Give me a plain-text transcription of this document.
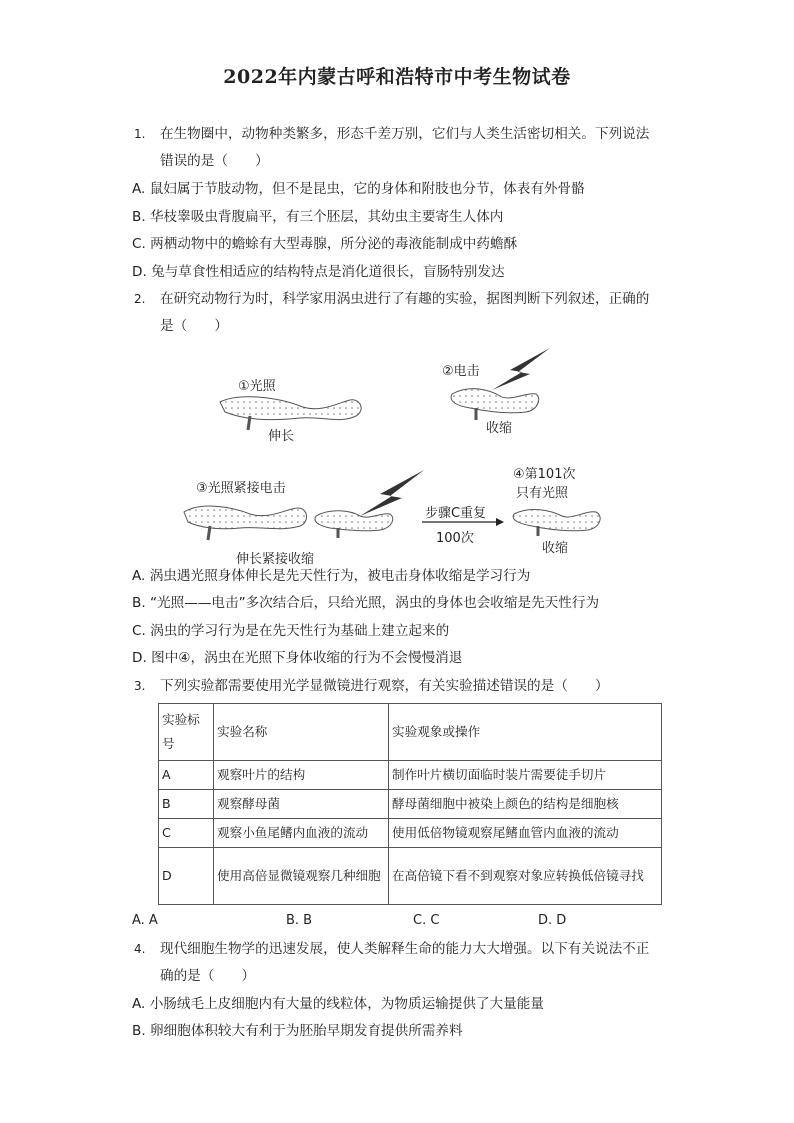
2022年内蒙古呼和浩特市中考生物试卷
1. 在生物圈中，动物种类繁多，形态千差万别，它们与人类生活密切相关。下列说法
错误的是（　　）
A. 鼠妇属于节肢动物，但不是昆虫，它的身体和附肢也分节，体表有外骨骼
B. 华枝睾吸虫背腹扁平，有三个胚层，其幼虫主要寄生人体内
C. 两栖动物中的蟾蜍有大型毒腺，所分泌的毒液能制成中药蟾酥
D. 兔与草食性相适应的结构特点是消化道很长，盲肠特别发达
2. 在研究动物行为时，科学家用涡虫进行了有趣的实验，据图判断下列叙述，正确的
是（　　）
①光照
伸长
②电击
收缩
③光照紧接电击
伸长紧接收缩
步骤C重复
100次
④第101次
只有光照
收缩
A. 涡虫遇光照身体伸长是先天性行为，被电击身体收缩是学习行为
B. “光照——电击”多次结合后，只给光照，涡虫的身体也会收缩是先天性行为
C. 涡虫的学习行为是在先天性行为基础上建立起来的
D. 图中④，涡虫在光照下身体收缩的行为不会慢慢消退
3. 下列实验都需要使用光学显微镜进行观察，有关实验描述错误的是（　　）
实验标号	实验名称	实验观象或操作
A	观察叶片的结构	制作叶片横切面临时装片需要徒手切片
B	观察酵母菌	酵母菌细胞中被染上颜色的结构是细胞核
C	观察小鱼尾鳍内血液的流动	使用低倍物镜观察尾鳍血管内血液的流动
D	使用高倍显微镜观察几种细胞	在高倍镜下看不到观察对象应转换低倍镜寻找
A. A	B. B	C. C	D. D
4. 现代细胞生物学的迅速发展，使人类解释生命的能力大大增强。以下有关说法不正
确的是（　　）
A. 小肠绒毛上皮细胞内有大量的线粒体，为物质运输提供了大量能量
B. 卵细胞体积较大有利于为胚胎早期发育提供所需养料
